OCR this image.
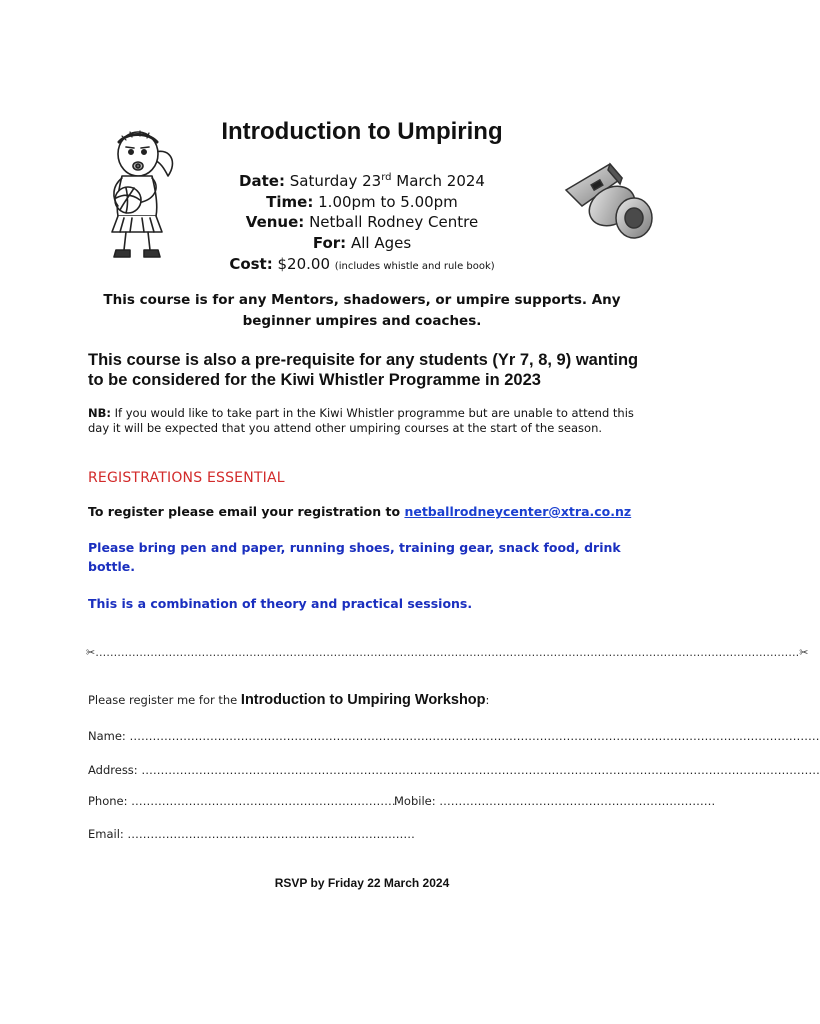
Introduction to Umpiring
Date: Saturday 23rd March 2024
Time: 1.00pm to 5.00pm
Venue: Netball Rodney Centre
For: All Ages
Cost: $20.00 (includes whistle and rule book)
This course is for any Mentors, shadowers, or umpire supports. Any beginner umpires and coaches.
This course is also a pre-requisite for any students (Yr 7, 8, 9) wanting to be considered for the Kiwi Whistler Programme in 2023
NB: If you would like to take part in the Kiwi Whistler programme but are unable to attend this day it will be expected that you attend other umpiring courses at the start of the season.
REGISTRATIONS ESSENTIAL
To register please email your registration to netballrodneycenter@xtra.co.nz
Please bring pen and paper, running shoes, training gear, snack food, drink bottle.
This is a combination of theory and practical sessions.
✂…………………………………………………………………………………………………………………………………………………………………………✂
Please register me for the Introduction to Umpiring Workshop:
Name: ………………………………………………………………………………………………………………………………………………………………
Address: ……………………………………………………………………………………………………………………………………………………………
Phone: ……………………………………………………………
Mobile: ………………………………………………………………
Email: …………………………………………………………………
RSVP by Friday 22 March 2024
